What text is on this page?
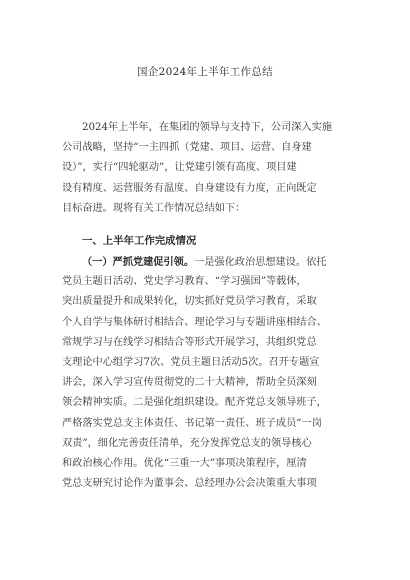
国企2024年上半年工作总结
2024年上半年，在集团的领导与支持下，公司深入实施
公司战略，坚持“一主四抓（党建、项目、运营、自身建
设）”，实行“四轮驱动”，让党建引领有高度、项目建
设有精度、运营服务有温度、自身建设有力度，正向既定
目标奋进。现将有关工作情况总结如下：
一、上半年工作完成情况
（一）严抓党建促引领。一是强化政治思想建设。依托
党员主题日活动、党史学习教育、“学习强国”等载体，
突出质量提升和成果转化，切实抓好党员学习教育，采取
个人自学与集体研讨相结合、理论学习与专题讲座相结合、
常规学习与在线学习相结合等形式开展学习，共组织党总
支理论中心组学习7次、党员主题日活动5次。召开专题宣
讲会，深入学习宣传贯彻党的二十大精神，帮助全员深刻
领会精神实质。二是强化组织建设。配齐党总支领导班子，
严格落实党总支主体责任、书记第一责任、班子成员“一岗
双责”，细化完善责任清单，充分发挥党总支的领导核心
和政治核心作用。优化“三重一大”事项决策程序，厘清
党总支研究讨论作为董事会、总经理办公会决策重大事项
